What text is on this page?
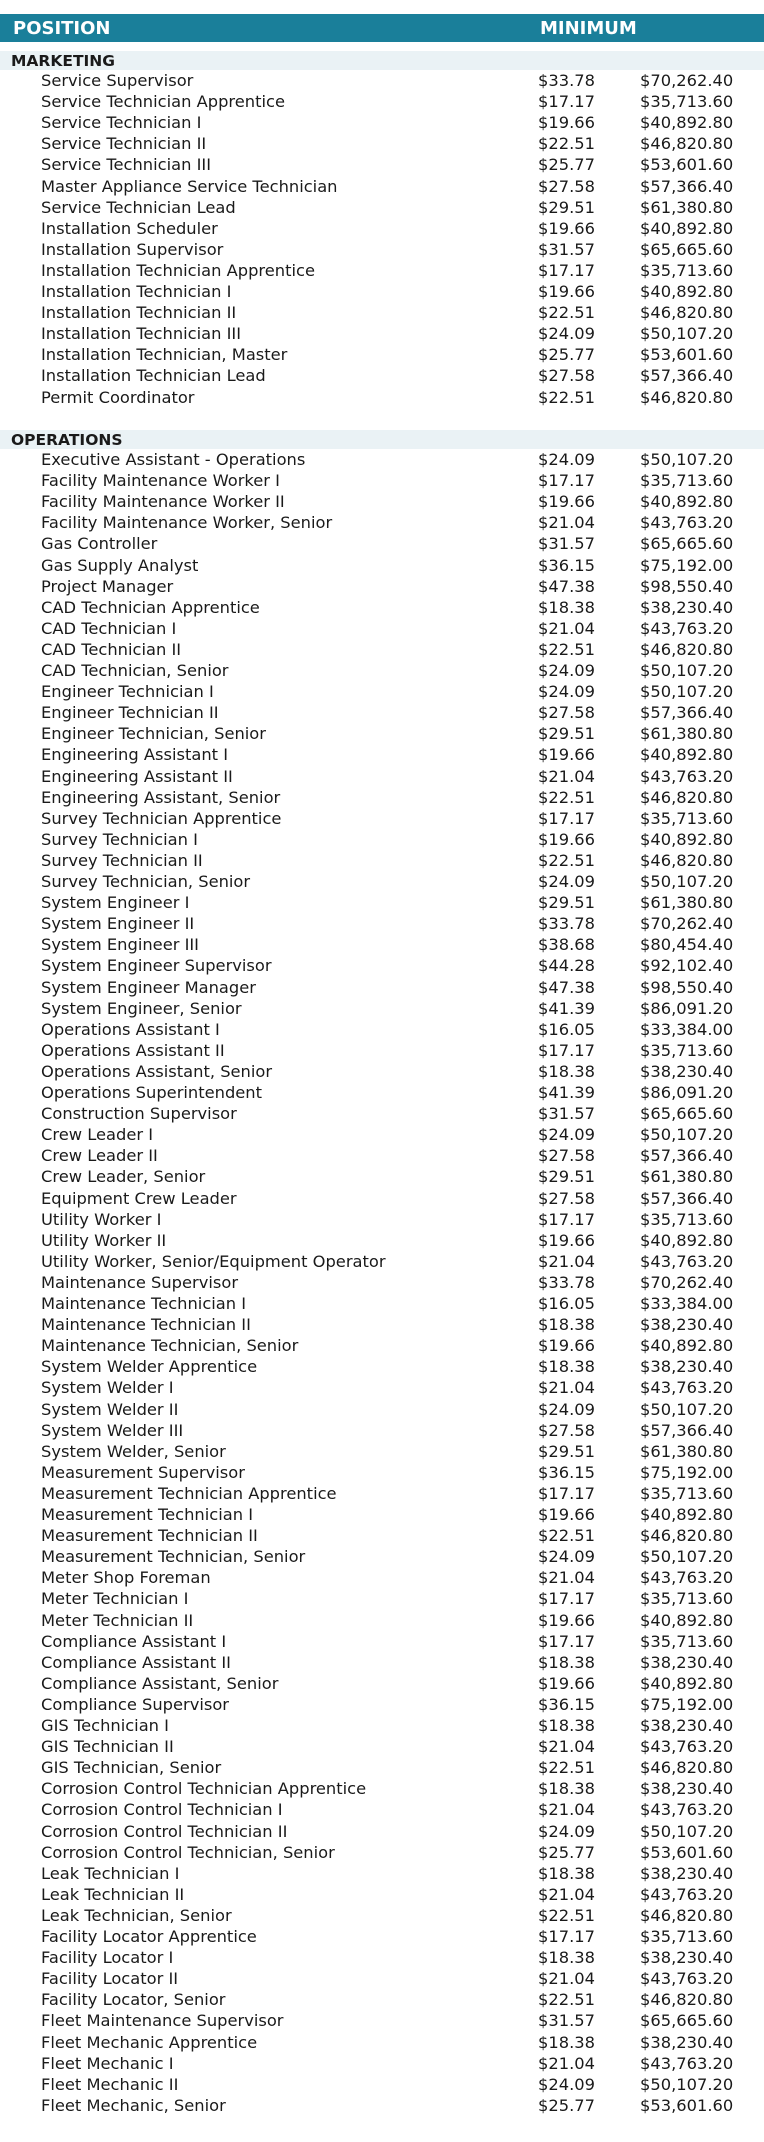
POSITION	MINIMUM
MARKETING
Service Supervisor	$33.78	$70,262.40
Service Technician Apprentice	$17.17	$35,713.60
Service Technician I	$19.66	$40,892.80
Service Technician II	$22.51	$46,820.80
Service Technician III	$25.77	$53,601.60
Master Appliance Service Technician	$27.58	$57,366.40
Service Technician Lead	$29.51	$61,380.80
Installation Scheduler	$19.66	$40,892.80
Installation Supervisor	$31.57	$65,665.60
Installation Technician Apprentice	$17.17	$35,713.60
Installation Technician I	$19.66	$40,892.80
Installation Technician II	$22.51	$46,820.80
Installation Technician III	$24.09	$50,107.20
Installation Technician, Master	$25.77	$53,601.60
Installation Technician Lead	$27.58	$57,366.40
Permit Coordinator	$22.51	$46,820.80
OPERATIONS
Executive Assistant - Operations	$24.09	$50,107.20
Facility Maintenance Worker I	$17.17	$35,713.60
Facility Maintenance Worker II	$19.66	$40,892.80
Facility Maintenance Worker, Senior	$21.04	$43,763.20
Gas Controller	$31.57	$65,665.60
Gas Supply Analyst	$36.15	$75,192.00
Project Manager	$47.38	$98,550.40
CAD Technician Apprentice	$18.38	$38,230.40
CAD Technician I	$21.04	$43,763.20
CAD Technician II	$22.51	$46,820.80
CAD Technician, Senior	$24.09	$50,107.20
Engineer Technician I	$24.09	$50,107.20
Engineer Technician II	$27.58	$57,366.40
Engineer Technician, Senior	$29.51	$61,380.80
Engineering Assistant I	$19.66	$40,892.80
Engineering Assistant II	$21.04	$43,763.20
Engineering Assistant, Senior	$22.51	$46,820.80
Survey Technician Apprentice	$17.17	$35,713.60
Survey Technician I	$19.66	$40,892.80
Survey Technician II	$22.51	$46,820.80
Survey Technician, Senior	$24.09	$50,107.20
System Engineer I	$29.51	$61,380.80
System Engineer II	$33.78	$70,262.40
System Engineer III	$38.68	$80,454.40
System Engineer Supervisor	$44.28	$92,102.40
System Engineer Manager	$47.38	$98,550.40
System Engineer, Senior	$41.39	$86,091.20
Operations Assistant I	$16.05	$33,384.00
Operations Assistant II	$17.17	$35,713.60
Operations Assistant, Senior	$18.38	$38,230.40
Operations Superintendent	$41.39	$86,091.20
Construction Supervisor	$31.57	$65,665.60
Crew Leader I	$24.09	$50,107.20
Crew Leader II	$27.58	$57,366.40
Crew Leader, Senior	$29.51	$61,380.80
Equipment Crew Leader	$27.58	$57,366.40
Utility Worker I	$17.17	$35,713.60
Utility Worker II	$19.66	$40,892.80
Utility Worker, Senior/Equipment Operator	$21.04	$43,763.20
Maintenance Supervisor	$33.78	$70,262.40
Maintenance Technician I	$16.05	$33,384.00
Maintenance Technician II	$18.38	$38,230.40
Maintenance Technician, Senior	$19.66	$40,892.80
System Welder Apprentice	$18.38	$38,230.40
System Welder I	$21.04	$43,763.20
System Welder II	$24.09	$50,107.20
System Welder III	$27.58	$57,366.40
System Welder, Senior	$29.51	$61,380.80
Measurement Supervisor	$36.15	$75,192.00
Measurement Technician Apprentice	$17.17	$35,713.60
Measurement Technician I	$19.66	$40,892.80
Measurement Technician II	$22.51	$46,820.80
Measurement Technician, Senior	$24.09	$50,107.20
Meter Shop Foreman	$21.04	$43,763.20
Meter Technician I	$17.17	$35,713.60
Meter Technician II	$19.66	$40,892.80
Compliance Assistant I	$17.17	$35,713.60
Compliance Assistant II	$18.38	$38,230.40
Compliance Assistant, Senior	$19.66	$40,892.80
Compliance Supervisor	$36.15	$75,192.00
GIS Technician I	$18.38	$38,230.40
GIS Technician II	$21.04	$43,763.20
GIS Technician, Senior	$22.51	$46,820.80
Corrosion Control Technician Apprentice	$18.38	$38,230.40
Corrosion Control Technician I	$21.04	$43,763.20
Corrosion Control Technician II	$24.09	$50,107.20
Corrosion Control Technician, Senior	$25.77	$53,601.60
Leak Technician I	$18.38	$38,230.40
Leak Technician II	$21.04	$43,763.20
Leak Technician, Senior	$22.51	$46,820.80
Facility Locator Apprentice	$17.17	$35,713.60
Facility Locator I	$18.38	$38,230.40
Facility Locator II	$21.04	$43,763.20
Facility Locator, Senior	$22.51	$46,820.80
Fleet Maintenance Supervisor	$31.57	$65,665.60
Fleet Mechanic Apprentice	$18.38	$38,230.40
Fleet Mechanic I	$21.04	$43,763.20
Fleet Mechanic II	$24.09	$50,107.20
Fleet Mechanic, Senior	$25.77	$53,601.60
